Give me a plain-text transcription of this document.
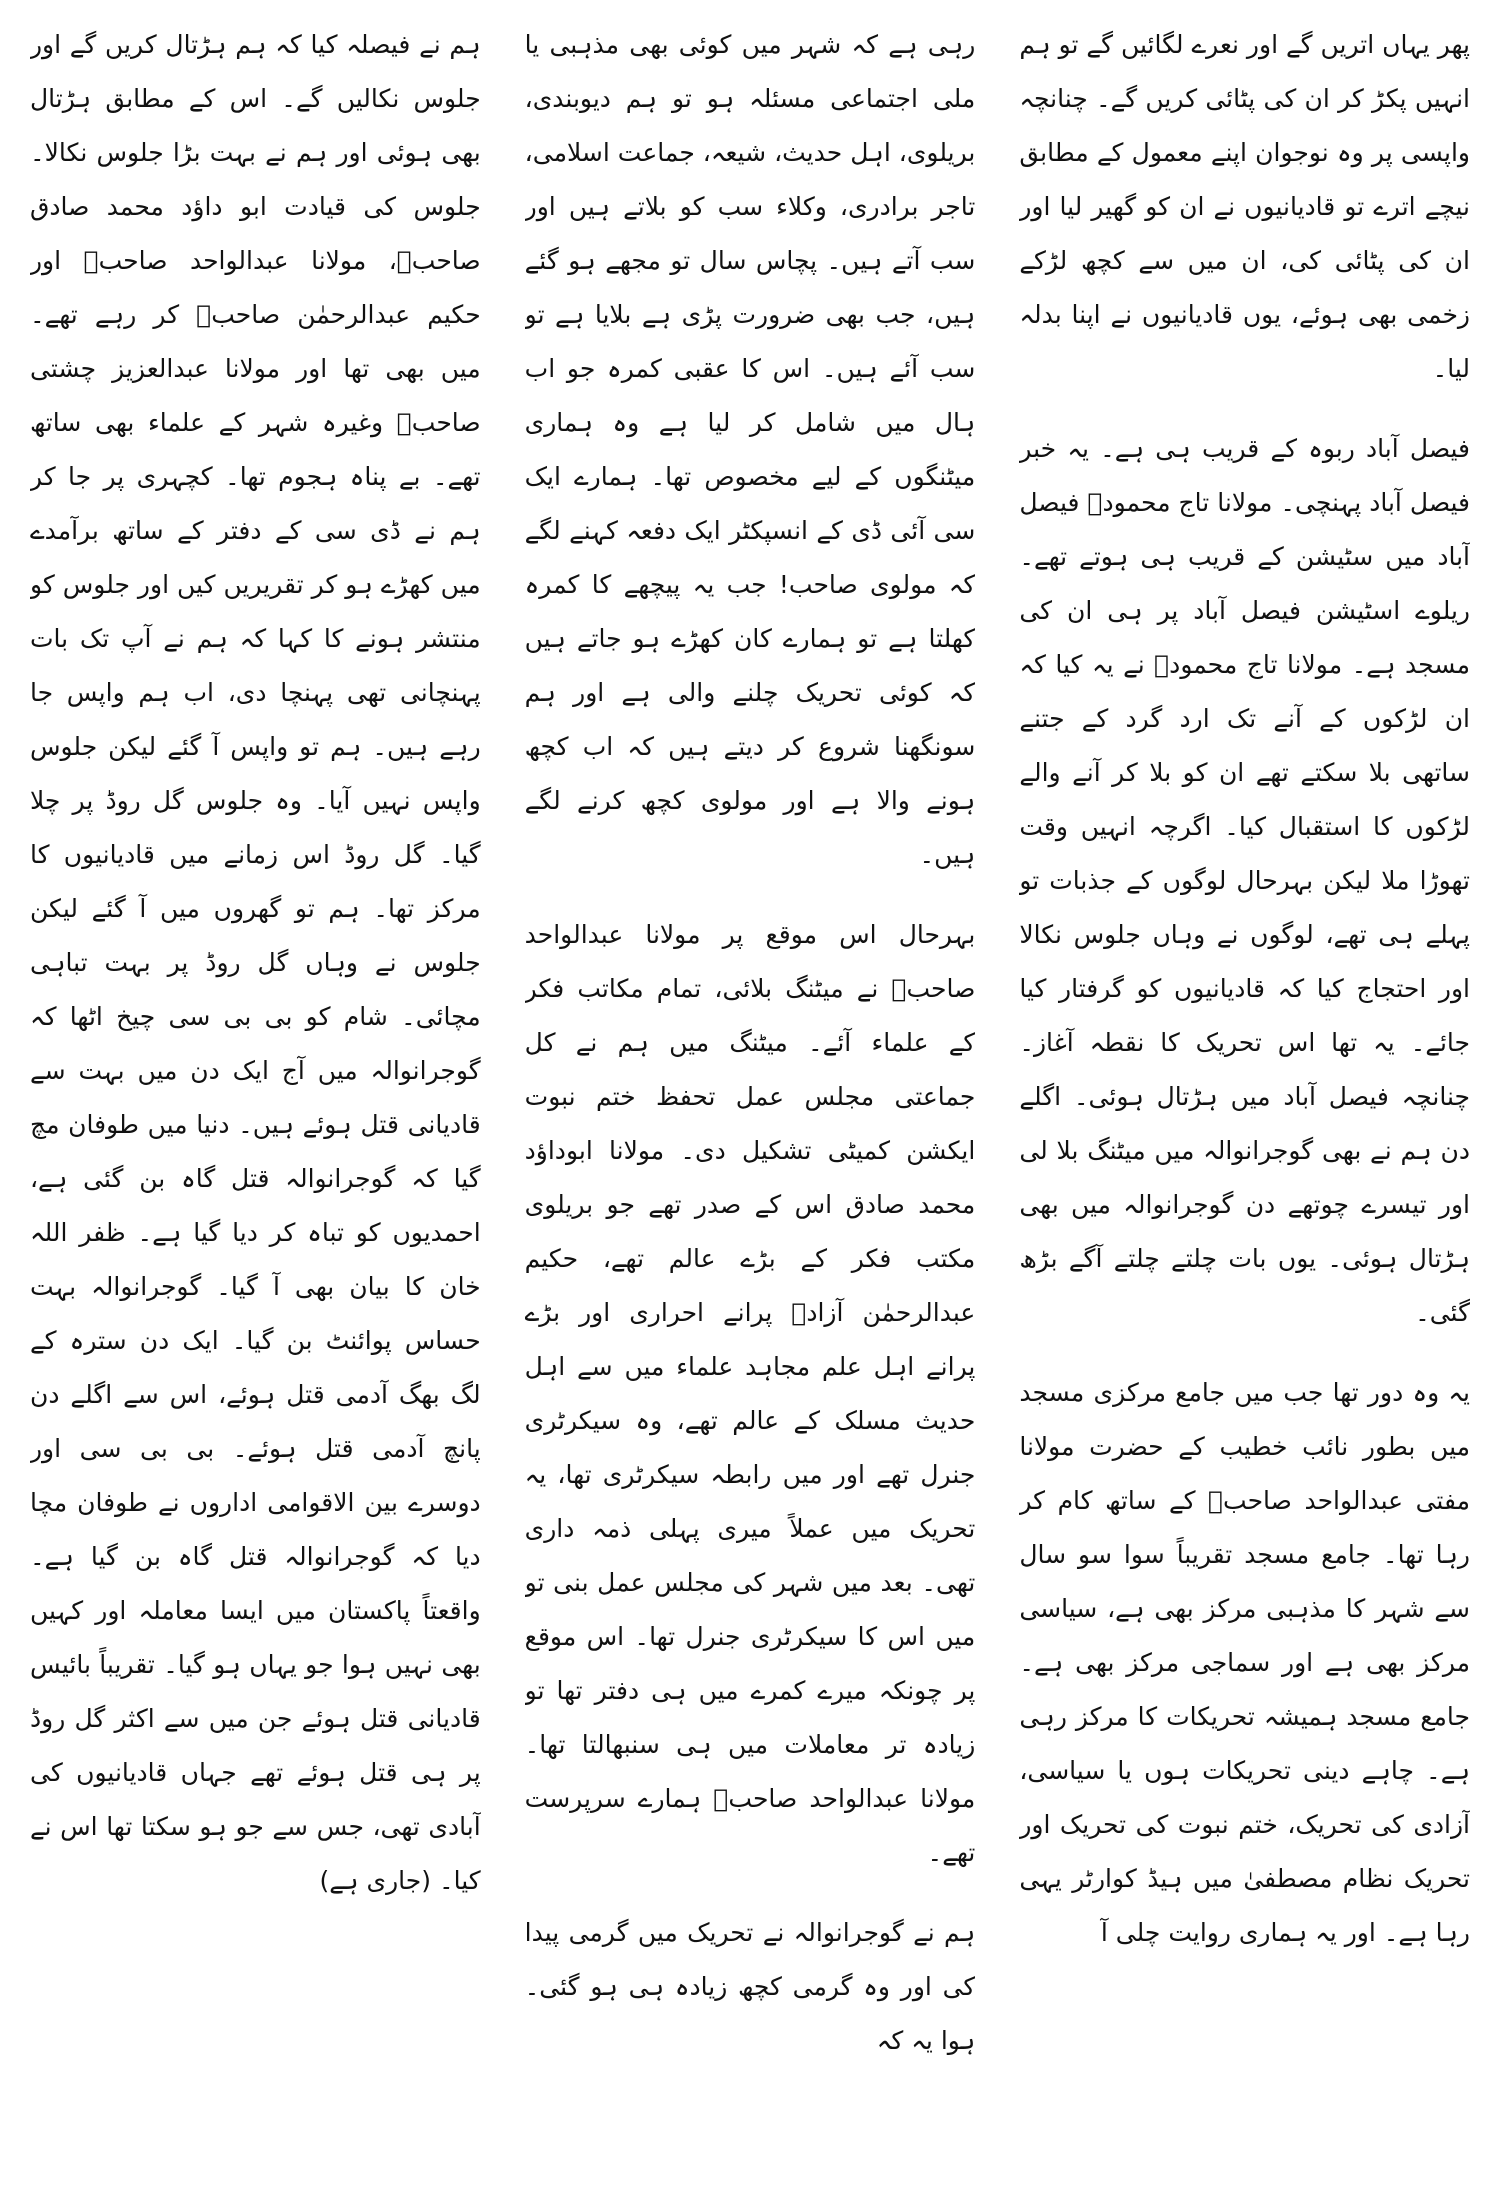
پھر یہاں اتریں گے اور نعرے لگائیں گے تو ہم انہیں پکڑ کر ان کی پٹائی کریں گے۔ چنانچہ واپسی پر وہ نوجوان اپنے معمول کے مطابق نیچے اترے تو قادیانیوں نے ان کو گھیر لیا اور ان کی پٹائی کی، ان میں سے کچھ لڑکے زخمی بھی ہوئے، یوں قادیانیوں نے اپنا بدلہ لیا۔

فیصل آباد ربوہ کے قریب ہی ہے۔ یہ خبر فیصل آباد پہنچی۔ مولانا تاج محمودؒ فیصل آباد میں سٹیشن کے قریب ہی ہوتے تھے۔ ریلوے اسٹیشن فیصل آباد پر ہی ان کی مسجد ہے۔ مولانا تاج محمودؒ نے یہ کیا کہ ان لڑکوں کے آنے تک ارد گرد کے جتنے ساتھی بلا سکتے تھے ان کو بلا کر آنے والے لڑکوں کا استقبال کیا۔ اگرچہ انہیں وقت تھوڑا ملا لیکن بہرحال لوگوں کے جذبات تو پہلے ہی تھے، لوگوں نے وہاں جلوس نکالا اور احتجاج کیا کہ قادیانیوں کو گرفتار کیا جائے۔ یہ تھا اس تحریک کا نقطہ آغاز۔ چنانچہ فیصل آباد میں ہڑتال ہوئی۔ اگلے دن ہم نے بھی گوجرانوالہ میں میٹنگ بلا لی اور تیسرے چوتھے دن گوجرانوالہ میں بھی ہڑتال ہوئی۔ یوں بات چلتے چلتے آگے بڑھ گئی۔

یہ وہ دور تھا جب میں جامع مرکزی مسجد میں بطور نائب خطیب کے حضرت مولانا مفتی عبدالواحد صاحبؒ کے ساتھ کام کر رہا تھا۔ جامع مسجد تقریباً سوا سو سال سے شہر کا مذہبی مرکز بھی ہے، سیاسی مرکز بھی ہے اور سماجی مرکز بھی ہے۔ جامع مسجد ہمیشہ تحریکات کا مرکز رہی ہے۔ چاہے دینی تحریکات ہوں یا سیاسی، آزادی کی تحریک، ختم نبوت کی تحریک اور تحریک نظام مصطفیٰ میں ہیڈ کوارٹر یہی رہا ہے۔ اور یہ ہماری روایت چلی آ

رہی ہے کہ شہر میں کوئی بھی مذہبی یا ملی اجتماعی مسئلہ ہو تو ہم دیوبندی، بریلوی، اہل حدیث، شیعہ، جماعت اسلامی، تاجر برادری، وکلاء سب کو بلاتے ہیں اور سب آتے ہیں۔ پچاس سال تو مجھے ہو گئے ہیں، جب بھی ضرورت پڑی ہے بلایا ہے تو سب آئے ہیں۔ اس کا عقبی کمرہ جو اب ہال میں شامل کر لیا ہے وہ ہماری میٹنگوں کے لیے مخصوص تھا۔ ہمارے ایک سی آئی ڈی کے انسپکٹر ایک دفعہ کہنے لگے کہ مولوی صاحب! جب یہ پیچھے کا کمرہ کھلتا ہے تو ہمارے کان کھڑے ہو جاتے ہیں کہ کوئی تحریک چلنے والی ہے اور ہم سونگھنا شروع کر دیتے ہیں کہ اب کچھ ہونے والا ہے اور مولوی کچھ کرنے لگے ہیں۔

بہرحال اس موقع پر مولانا عبدالواحد صاحبؒ نے میٹنگ بلائی، تمام مکاتب فکر کے علماء آئے۔ میٹنگ میں ہم نے کل جماعتی مجلس عمل تحفظ ختم نبوت ایکشن کمیٹی تشکیل دی۔ مولانا ابوداؤد محمد صادق اس کے صدر تھے جو بریلوی مکتب فکر کے بڑے عالم تھے، حکیم عبدالرحمٰن آزادؒ پرانے احراری اور بڑے پرانے اہل علم مجاہد علماء میں سے اہل حدیث مسلک کے عالم تھے، وہ سیکرٹری جنرل تھے اور میں رابطہ سیکرٹری تھا، یہ تحریک میں عملاً میری پہلی ذمہ داری تھی۔ بعد میں شہر کی مجلس عمل بنی تو میں اس کا سیکرٹری جنرل تھا۔ اس موقع پر چونکہ میرے کمرے میں ہی دفتر تھا تو زیادہ تر معاملات میں ہی سنبھالتا تھا۔ مولانا عبدالواحد صاحبؒ ہمارے سرپرست تھے۔

ہم نے گوجرانوالہ نے تحریک میں گرمی پیدا کی اور وہ گرمی کچھ زیادہ ہی ہو گئی۔ ہوا یہ کہ

ہم نے فیصلہ کیا کہ ہم ہڑتال کریں گے اور جلوس نکالیں گے۔ اس کے مطابق ہڑتال بھی ہوئی اور ہم نے بہت بڑا جلوس نکالا۔ جلوس کی قیادت ابو داؤد محمد صادق صاحبؒ، مولانا عبدالواحد صاحبؒ اور حکیم عبدالرحمٰن صاحبؒ کر رہے تھے۔ میں بھی تھا اور مولانا عبدالعزیز چشتی صاحبؒ وغیرہ شہر کے علماء بھی ساتھ تھے۔ بے پناہ ہجوم تھا۔ کچہری پر جا کر ہم نے ڈی سی کے دفتر کے ساتھ برآمدے میں کھڑے ہو کر تقریریں کیں اور جلوس کو منتشر ہونے کا کہا کہ ہم نے آپ تک بات پہنچانی تھی پہنچا دی، اب ہم واپس جا رہے ہیں۔ ہم تو واپس آ گئے لیکن جلوس واپس نہیں آیا۔ وہ جلوس گل روڈ پر چلا گیا۔ گل روڈ اس زمانے میں قادیانیوں کا مرکز تھا۔ ہم تو گھروں میں آ گئے لیکن جلوس نے وہاں گل روڈ پر بہت تباہی مچائی۔ شام کو بی بی سی چیخ اٹھا کہ گوجرانوالہ میں آج ایک دن میں بہت سے قادیانی قتل ہوئے ہیں۔ دنیا میں طوفان مچ گیا کہ گوجرانوالہ قتل گاہ بن گئی ہے، احمدیوں کو تباہ کر دیا گیا ہے۔ ظفر اللہ خان کا بیان بھی آ گیا۔ گوجرانوالہ بہت حساس پوائنٹ بن گیا۔ ایک دن سترہ کے لگ بھگ آدمی قتل ہوئے، اس سے اگلے دن پانچ آدمی قتل ہوئے۔ بی بی سی اور دوسرے بین الاقوامی اداروں نے طوفان مچا دیا کہ گوجرانوالہ قتل گاہ بن گیا ہے۔ واقعتاً پاکستان میں ایسا معاملہ اور کہیں بھی نہیں ہوا جو یہاں ہو گیا۔ تقریباً بائیس قادیانی قتل ہوئے جن میں سے اکثر گل روڈ پر ہی قتل ہوئے تھے جہاں قادیانیوں کی آبادی تھی، جس سے جو ہو سکتا تھا اس نے کیا۔ (جاری ہے)
